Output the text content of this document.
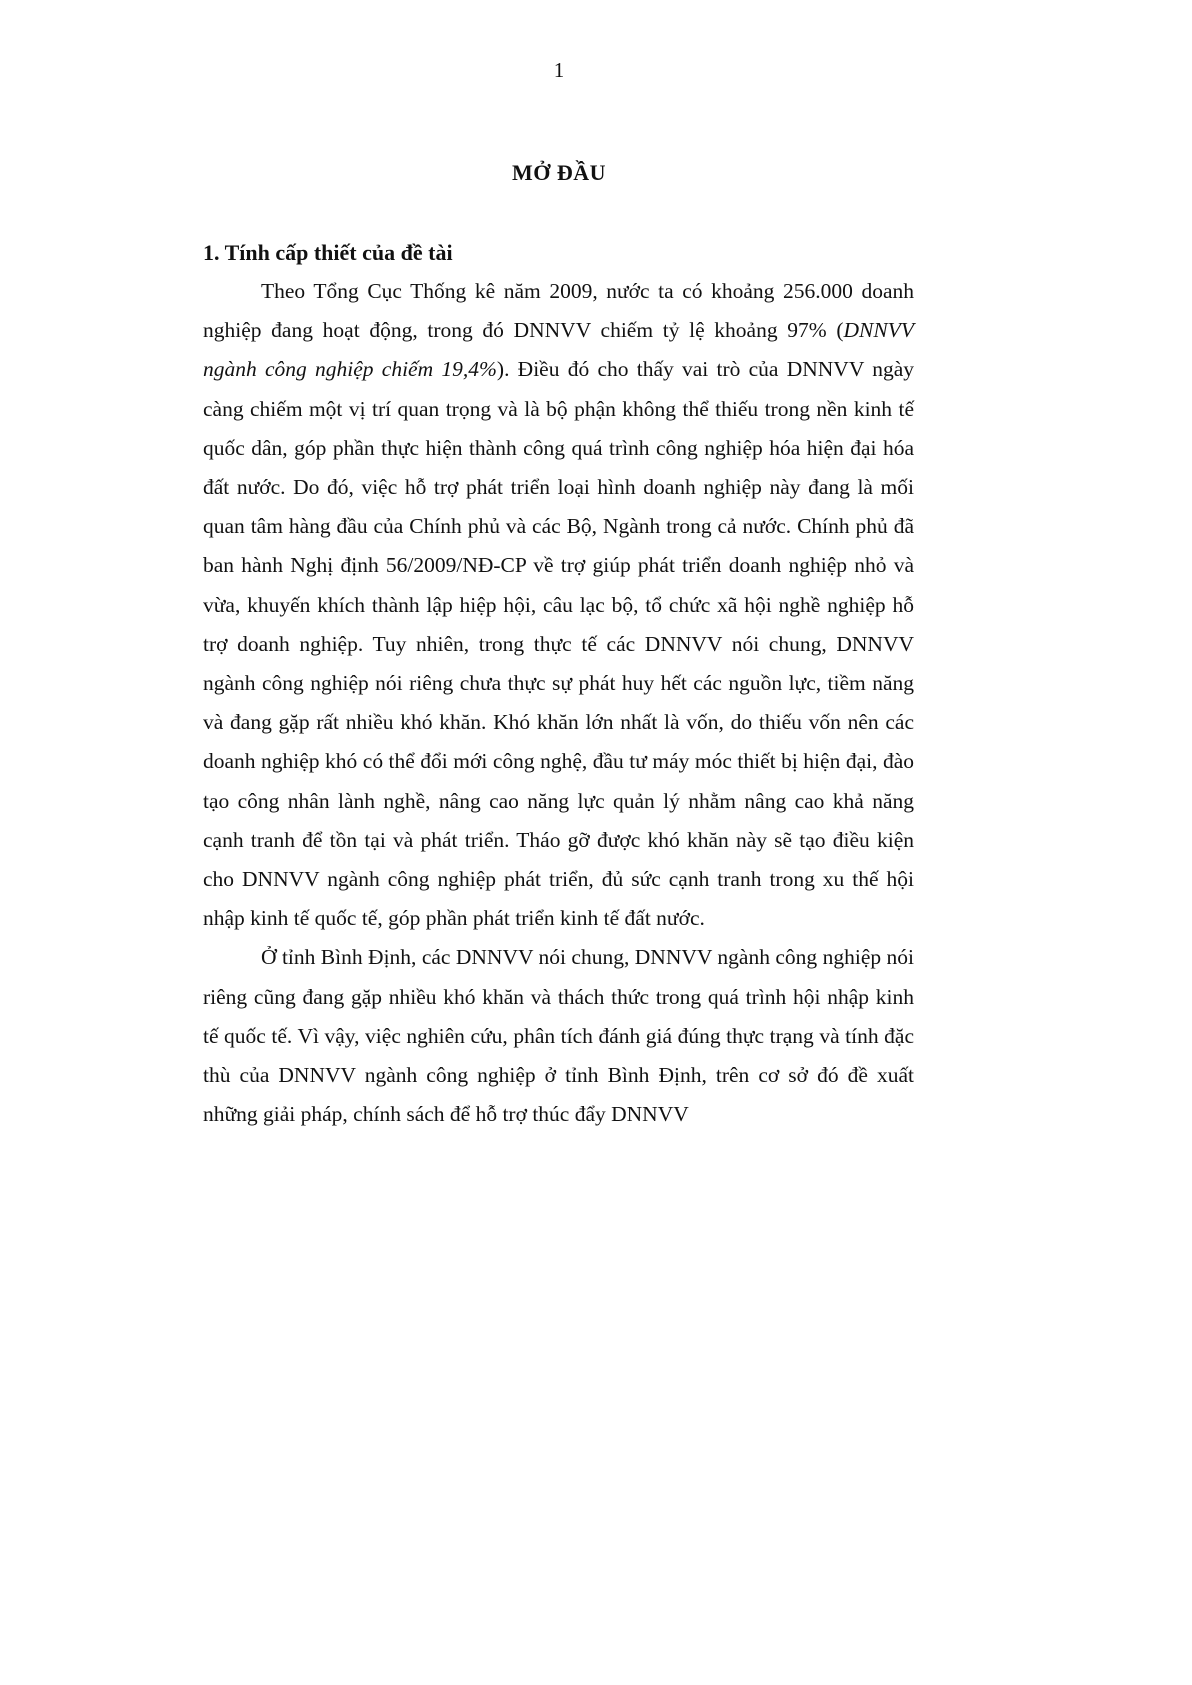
1
MỞ ĐẦU
1. Tính cấp thiết của đề tài

Theo Tổng Cục Thống kê năm 2009, nước ta có khoảng 256.000 doanh nghiệp đang hoạt động, trong đó DNNVV chiếm tỷ lệ khoảng 97% (DNNVV ngành công nghiệp chiếm 19,4%). Điều đó cho thấy vai trò của DNNVV ngày càng chiếm một vị trí quan trọng và là bộ phận không thể thiếu trong nền kinh tế quốc dân, góp phần thực hiện thành công quá trình công nghiệp hóa hiện đại hóa đất nước. Do đó, việc hỗ trợ phát triển loại hình doanh nghiệp này đang là mối quan tâm hàng đầu của Chính phủ và các Bộ, Ngành trong cả nước. Chính phủ đã ban hành Nghị định 56/2009/NĐ-CP về trợ giúp phát triển doanh nghiệp nhỏ và vừa, khuyến khích thành lập hiệp hội, câu lạc bộ, tổ chức xã hội nghề nghiệp hỗ trợ doanh nghiệp. Tuy nhiên, trong thực tế các DNNVV nói chung, DNNVV ngành công nghiệp nói riêng chưa thực sự phát huy hết các nguồn lực, tiềm năng và đang gặp rất nhiều khó khăn. Khó khăn lớn nhất là vốn, do thiếu vốn nên các doanh nghiệp khó có thể đổi mới công nghệ, đầu tư máy móc thiết bị hiện đại, đào tạo công nhân lành nghề, nâng cao năng lực quản lý nhằm nâng cao khả năng cạnh tranh để tồn tại và phát triển. Tháo gỡ được khó khăn này sẽ tạo điều kiện cho DNNVV ngành công nghiệp phát triển, đủ sức cạnh tranh trong xu thế hội nhập kinh tế quốc tế, góp phần phát triển kinh tế đất nước.

Ở tỉnh Bình Định, các DNNVV nói chung, DNNVV ngành công nghiệp nói riêng cũng đang gặp nhiều khó khăn và thách thức trong quá trình hội nhập kinh tế quốc tế. Vì vậy, việc nghiên cứu, phân tích đánh giá đúng thực trạng và tính đặc thù của DNNVV ngành công nghiệp ở tỉnh Bình Định, trên cơ sở đó đề xuất những giải pháp, chính sách để hỗ trợ thúc đẩy DNNVV
